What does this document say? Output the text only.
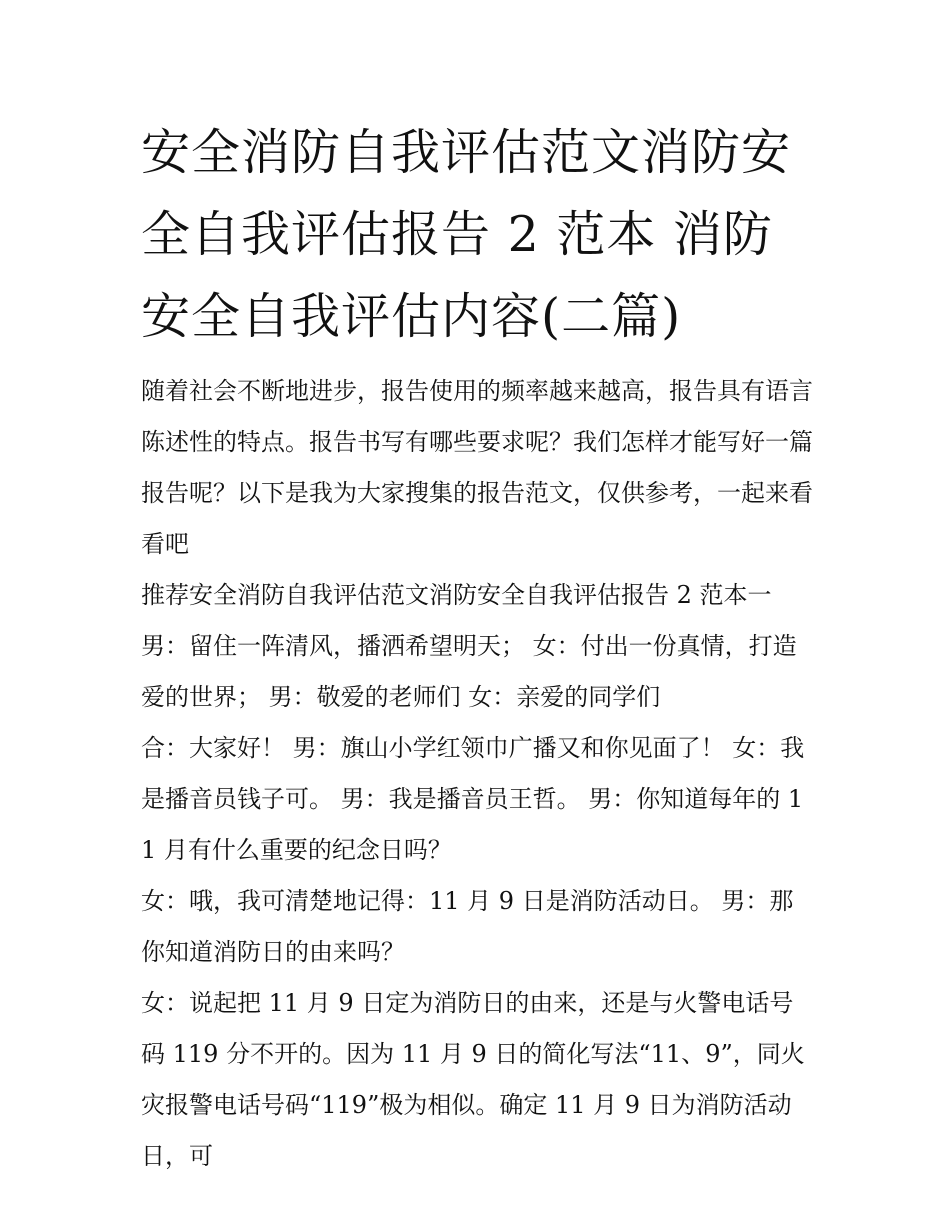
安全消防自我评估范文消防安全自我评估报告 2 范本 消防安全自我评估内容(二篇)

随着社会不断地进步，报告使用的频率越来越高，报告具有语言陈述性的特点。报告书写有哪些要求呢？我们怎样才能写好一篇报告呢？以下是我为大家搜集的报告范文，仅供参考，一起来看看吧

推荐安全消防自我评估范文消防安全自我评估报告 2 范本一

男：留住一阵清风，播洒希望明天； 女：付出一份真情，打造爱的世界； 男：敬爱的老师们 女：亲爱的同学们

合：大家好！ 男：旗山小学红领巾广播又和你见面了！ 女：我是播音员钱子可。 男：我是播音员王哲。 男：你知道每年的 11 月有什么重要的纪念日吗？

女：哦，我可清楚地记得：11 月 9 日是消防活动日。 男：那你知道消防日的由来吗？

女：说起把 11 月 9 日定为消防日的由来，还是与火警电话号码 119 分不开的。因为 11 月 9 日的简化写法“11、9”，同火灾报警电话号码“119”极为相似。确定 11 月 9 日为消防活动日，可
